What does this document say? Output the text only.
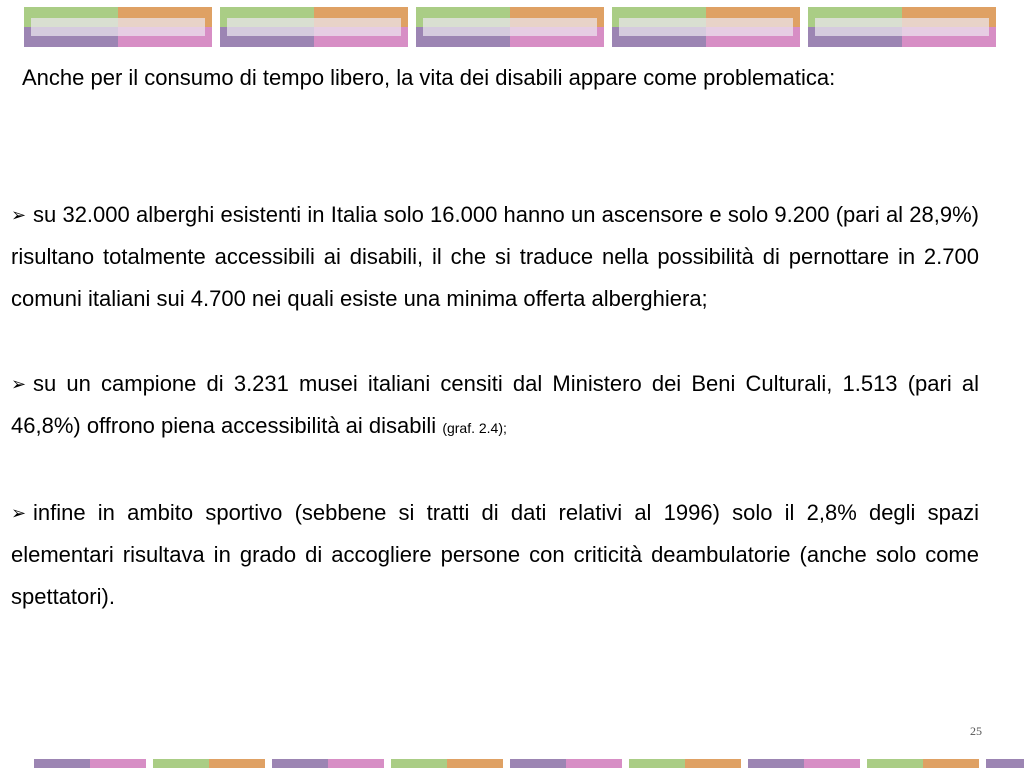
Anche per il consumo di tempo libero, la vita dei disabili appare come problematica:

➢ su 32.000 alberghi esistenti in Italia solo 16.000 hanno un ascensore e solo 9.200 (pari al 28,9%) risultano totalmente accessibili ai disabili, il che si traduce nella possibilità di pernottare in 2.700 comuni italiani sui 4.700 nei quali esiste una minima offerta alberghiera;
➢ su un campione di 3.231 musei italiani censiti dal Ministero dei Beni Culturali, 1.513 (pari al 46,8%) offrono piena accessibilità ai disabili (graf. 2.4);
➢ infine in ambito sportivo (sebbene si tratti di dati relativi al 1996) solo il 2,8% degli spazi elementari risultava in grado di accogliere persone con criticità deambulatorie (anche solo come spettatori).
25
